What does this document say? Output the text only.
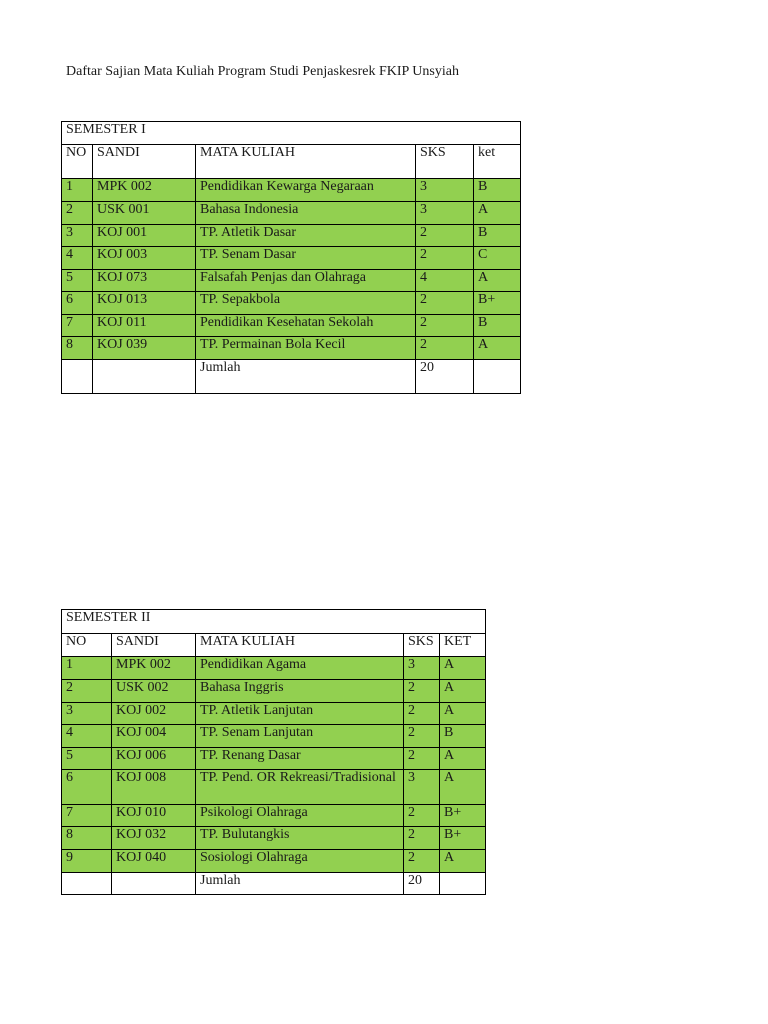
Daftar Sajian Mata Kuliah Program Studi Penjaskesrek FKIP Unsyiah
SEMESTER I				
NO	SANDI	MATA KULIAH	SKS	ket
1	MPK 002	Pendidikan Kewarga Negaraan	3	B
2	USK 001	Bahasa Indonesia	3	A
3	KOJ 001	TP. Atletik Dasar	2	B
4	KOJ 003	TP. Senam Dasar	2	C
5	KOJ 073	Falsafah Penjas dan Olahraga	4	A
6	KOJ 013	TP. Sepakbola	2	B+
7	KOJ 011	Pendidikan Kesehatan Sekolah	2	B
8	KOJ 039	TP. Permainan Bola Kecil	2	A
		Jumlah	20	
SEMESTER II				
NO	SANDI	MATA KULIAH	SKS	KET
1	MPK 002	Pendidikan Agama	3	A
2	USK 002	Bahasa Inggris	2	A
3	KOJ 002	TP. Atletik Lanjutan	2	A
4	KOJ 004	TP. Senam Lanjutan	2	B
5	KOJ 006	TP. Renang Dasar	2	A
6	KOJ 008	TP. Pend. OR Rekreasi/Tradisional	3	A
7	KOJ 010	Psikologi Olahraga	2	B+
8	KOJ 032	TP. Bulutangkis	2	B+
9	KOJ 040	Sosiologi Olahraga	2	A
		Jumlah	20	
